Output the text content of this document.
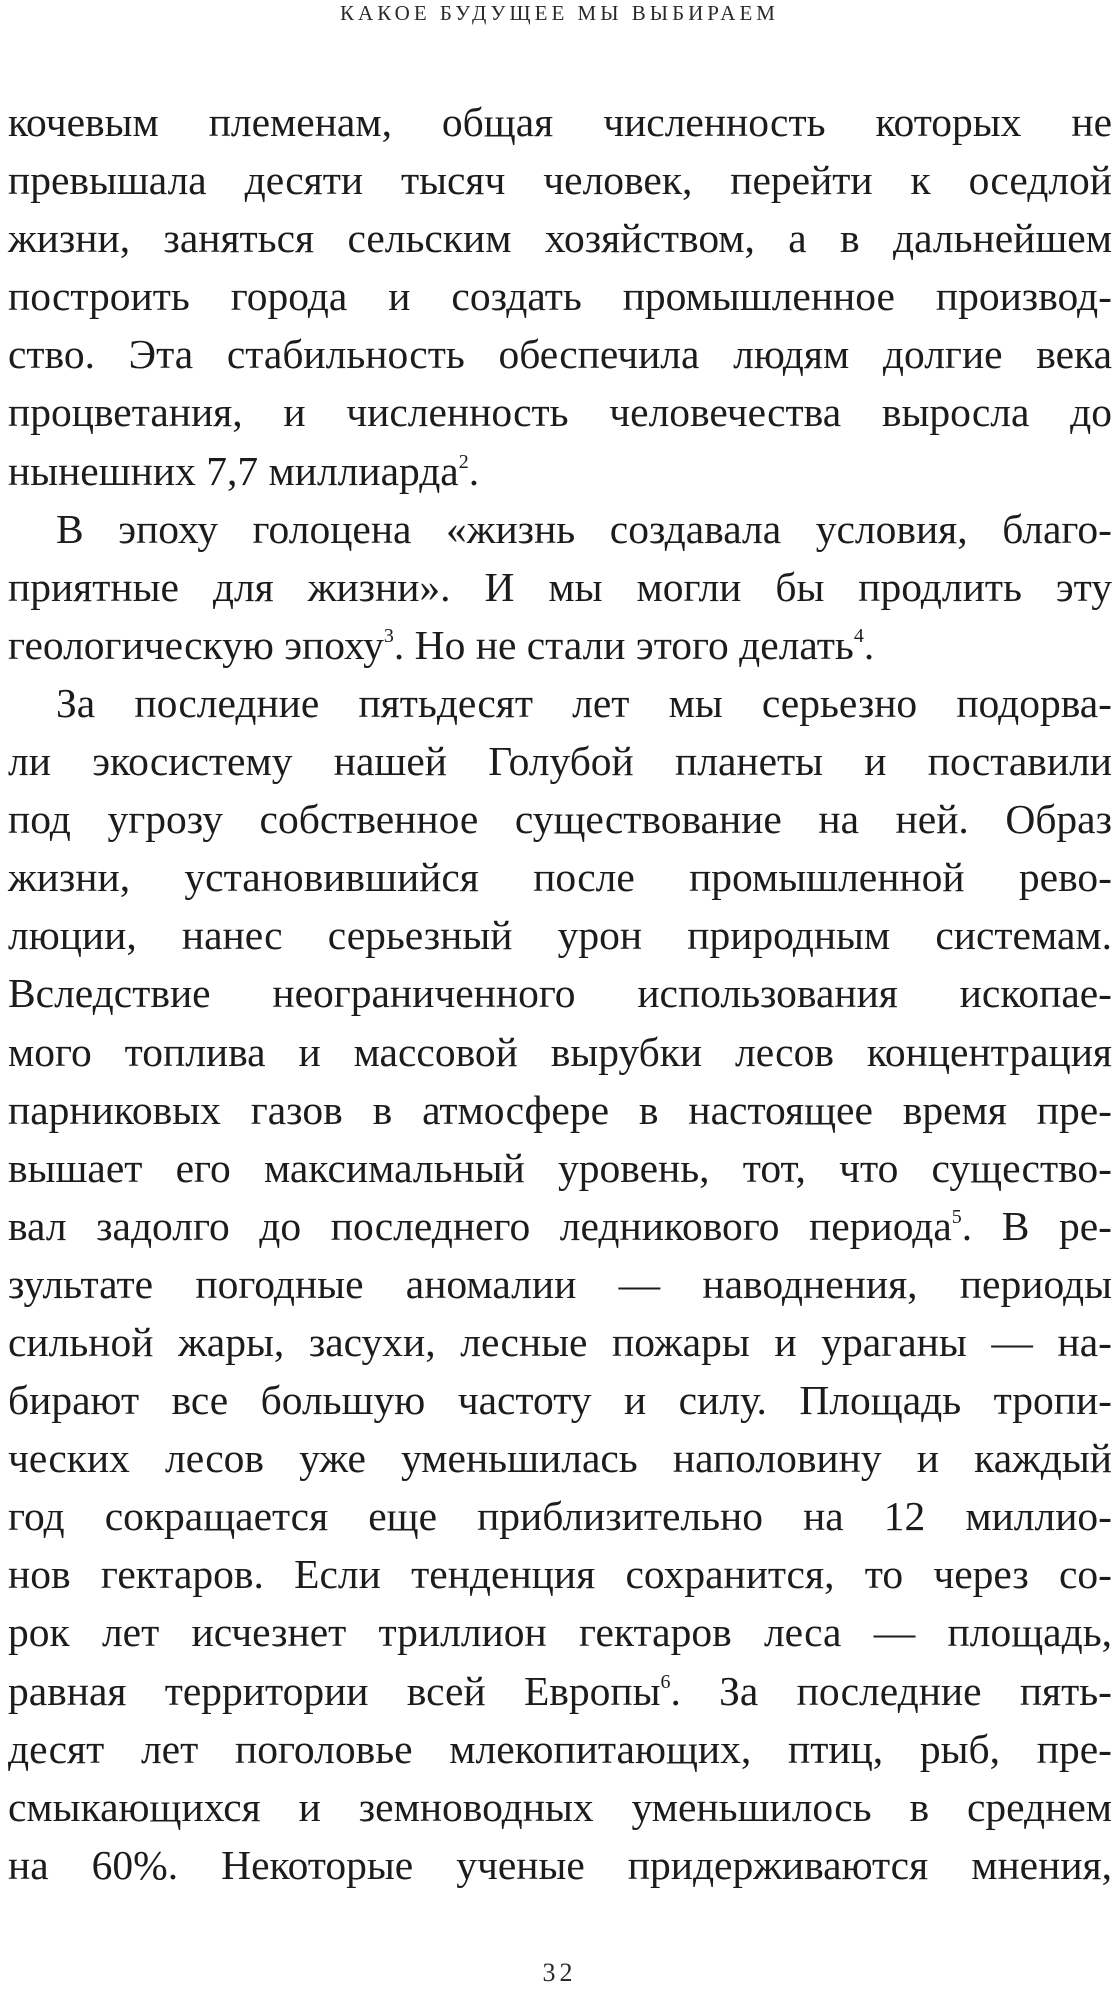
КАКОЕ БУДУЩЕЕ МЫ ВЫБИРАЕМ
кочевым племенам, общая численность которых не
превышала десяти тысяч человек, перейти к оседлой
жизни, заняться сельским хозяйством, а в дальнейшем
построить города и создать промышленное производ-
ство. Эта стабильность обеспечила людям долгие века
процветания, и численность человечества выросла до
нынешних 7,7 миллиарда$^2$.
В эпоху голоцена «жизнь создавала условия, благо-
приятные для жизни». И мы могли бы продлить эту
геологическую эпоху$^3$. Но не стали этого делать$^4$.
За последние пятьдесят лет мы серьезно подорва-
ли экосистему нашей Голубой планеты и поставили
под угрозу собственное существование на ней. Образ
жизни, установившийся после промышленной рево-
люции, нанес серьезный урон природным системам.
Вследствие неограниченного использования ископае-
мого топлива и массовой вырубки лесов концентрация
парниковых газов в атмосфере в настоящее время пре-
вышает его максимальный уровень, тот, что существо-
вал задолго до последнего ледникового периода$^5$. В ре-
зультате погодные аномалии — наводнения, периоды
сильной жары, засухи, лесные пожары и ураганы — на-
бирают все большую частоту и силу. Площадь тропи-
ческих лесов уже уменьшилась наполовину и каждый
год сокращается еще приблизительно на 12 миллио-
нов гектаров. Если тенденция сохранится, то через со-
рок лет исчезнет триллион гектаров леса — площадь,
равная территории всей Европы$^6$. За последние пять-
десят лет поголовье млекопитающих, птиц, рыб, пре-
смыкающихся и земноводных уменьшилось в среднем
на 60%. Некоторые ученые придерживаются мнения,
32
